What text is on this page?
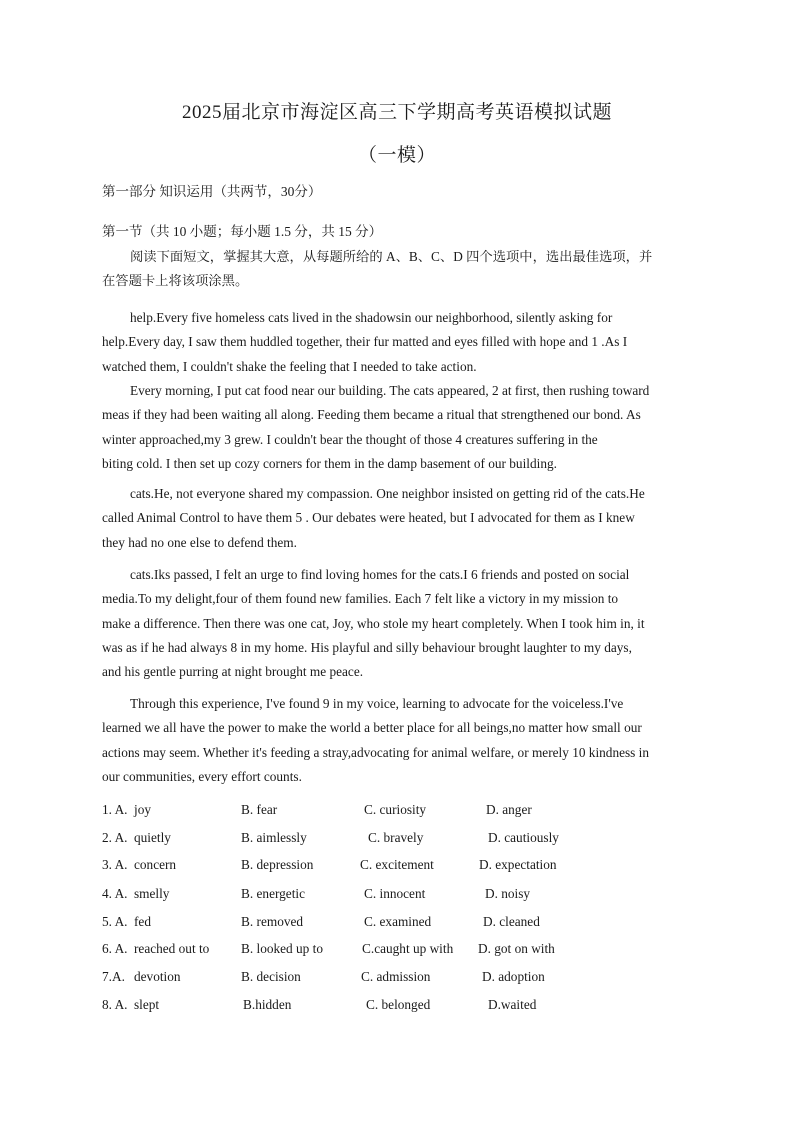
2025届北京市海淀区高三下学期高考英语模拟试题
（一模）
第一部分 知识运用（共两节，30分）
第一节（共 10 小题；每小题 1.5 分，共 15 分）
阅读下面短文，掌握其大意，从每题所给的 A、B、C、D 四个选项中，选出最佳选项，并
在答题卡上将该项涂黑。
help.Every five homeless cats lived in the shadowsin our neighborhood, silently asking for
help.Every day, I saw them huddled together, their fur matted and eyes filled with hope and 1 .As I
watched them, I couldn't shake the feeling that I needed to take action.
Every morning, I put cat food near our building. The cats appeared, 2 at first, then rushing toward
meas if they had been waiting all along. Feeding them became a ritual that strengthened our bond. As
winter approached,my 3 grew. I couldn't bear the thought of those 4 creatures suffering in the
biting cold. I then set up cozy corners for them in the damp basement of our building.
cats.He, not everyone shared my compassion. One neighbor insisted on getting rid of the cats.He
called Animal Control to have them 5 . Our debates were heated, but I advocated for them as I knew
they had no one else to defend them.
cats.Iks passed, I felt an urge to find loving homes for the cats.I 6 friends and posted on social
media.To my delight,four of them found new families. Each 7 felt like a victory in my mission to
make a difference. Then there was one cat, Joy, who stole my heart completely. When I took him in, it
was as if he had always 8 in my home. His playful and silly behaviour brought laughter to my days,
and his gentle purring at night brought me peace.
Through this experience, I've found 9 in my voice, learning to advocate for the voiceless.I've
learned we all have the power to make the world a better place for all beings,no matter how small our
actions may seem. Whether it's feeding a stray,advocating for animal welfare, or merely 10 kindness in
our communities, every effort counts.
1. A. joy	B. fear	C. curiosity	D. anger
2. A. quietly	B. aimlessly	C. bravely	D. cautiously
3. A. concern	B. depression	C. excitement	D. expectation
4. A. smelly	B. energetic	C. innocent	D. noisy
5. A. fed	B. removed	C. examined	D. cleaned
6. A. reached out to B. looked up to	C.caught up with D. got on with
7.A. devotion	B. decision	C. admission	D. adoption
8. A. slept	B.hidden	C. belonged	D.waited
